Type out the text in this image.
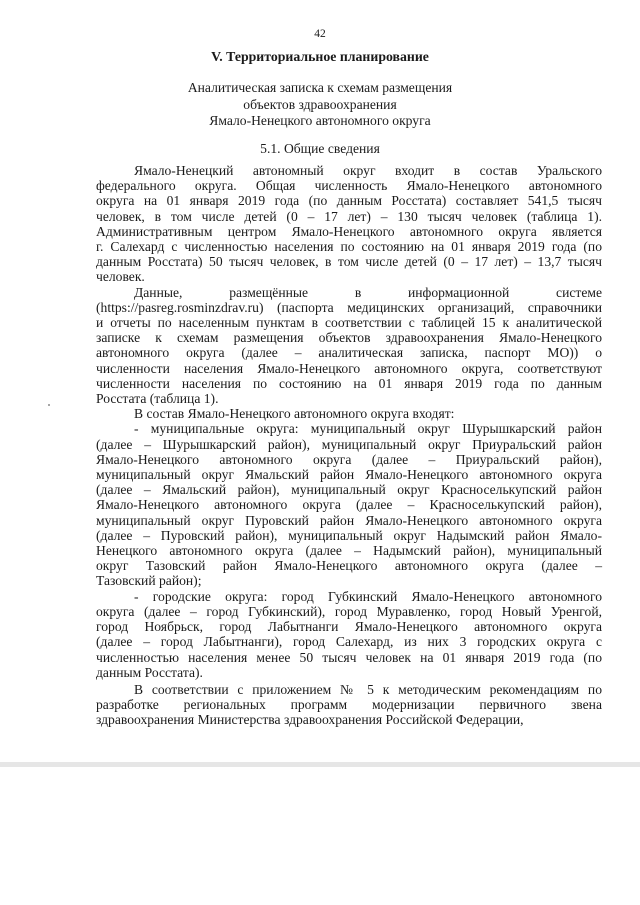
42
V. Территориальное планирование
Аналитическая записка к схемам размещения
объектов здравоохранения
Ямало-Ненецкого автономного округа
5.1. Общие сведения
Ямало-Ненецкий автономный округ входит в состав Уральского
федерального округа. Общая численность Ямало-Ненецкого автономного
округа на 01 января 2019 года (по данным Росстата) составляет 541,5 тысяч
человек, в том числе детей (0 – 17 лет) – 130 тысяч человек (таблица 1).
Административным центром Ямало-Ненецкого автономного округа является
г. Салехард с численностью населения по состоянию на 01 января 2019 года (по
данным Росстата) 50 тысяч человек, в том числе детей (0 – 17 лет) – 13,7 тысяч
человек.
Данные, размещённые в информационной системе
(https://pasreg.rosminzdrav.ru) (паспорта медицинских организаций, справочники
и отчеты по населенным пунктам в соответствии с таблицей 15 к аналитической
записке к схемам размещения объектов здравоохранения Ямало-Ненецкого
автономного округа (далее – аналитическая записка, паспорт МО)) о
численности населения Ямало-Ненецкого автономного округа, соответствуют
численности населения по состоянию на 01 января 2019 года по данным
Росстата (таблица 1).
В состав Ямало-Ненецкого автономного округа входят:
- муниципальные округа: муниципальный округ Шурышкарский район
(далее – Шурышкарский район), муниципальный округ Приуральский район
Ямало-Ненецкого автономного округа (далее – Приуральский район),
муниципальный округ Ямальский район Ямало-Ненецкого автономного округа
(далее – Ямальский район), муниципальный округ Красноселькупский район
Ямало-Ненецкого автономного округа (далее – Красноселькупский район),
муниципальный округ Пуровский район Ямало-Ненецкого автономного округа
(далее – Пуровский район), муниципальный округ Надымский район Ямало-
Ненецкого автономного округа (далее – Надымский район), муниципальный
округ Тазовский район Ямало-Ненецкого автономного округа (далее –
Тазовский район);
- городские округа: город Губкинский Ямало-Ненецкого автономного
округа (далее – город Губкинский), город Муравленко, город Новый Уренгой,
город Ноябрьск, город Лабытнанги Ямало-Ненецкого автономного округа
(далее – город Лабытнанги), город Салехард, из них 3 городских округа с
численностью населения менее 50 тысяч человек на 01 января 2019 года (по
данным Росстата).
В соответствии с приложением № 5 к методическим рекомендациям по
разработке региональных программ модернизации первичного звена
здравоохранения Министерства здравоохранения Российской Федерации,
